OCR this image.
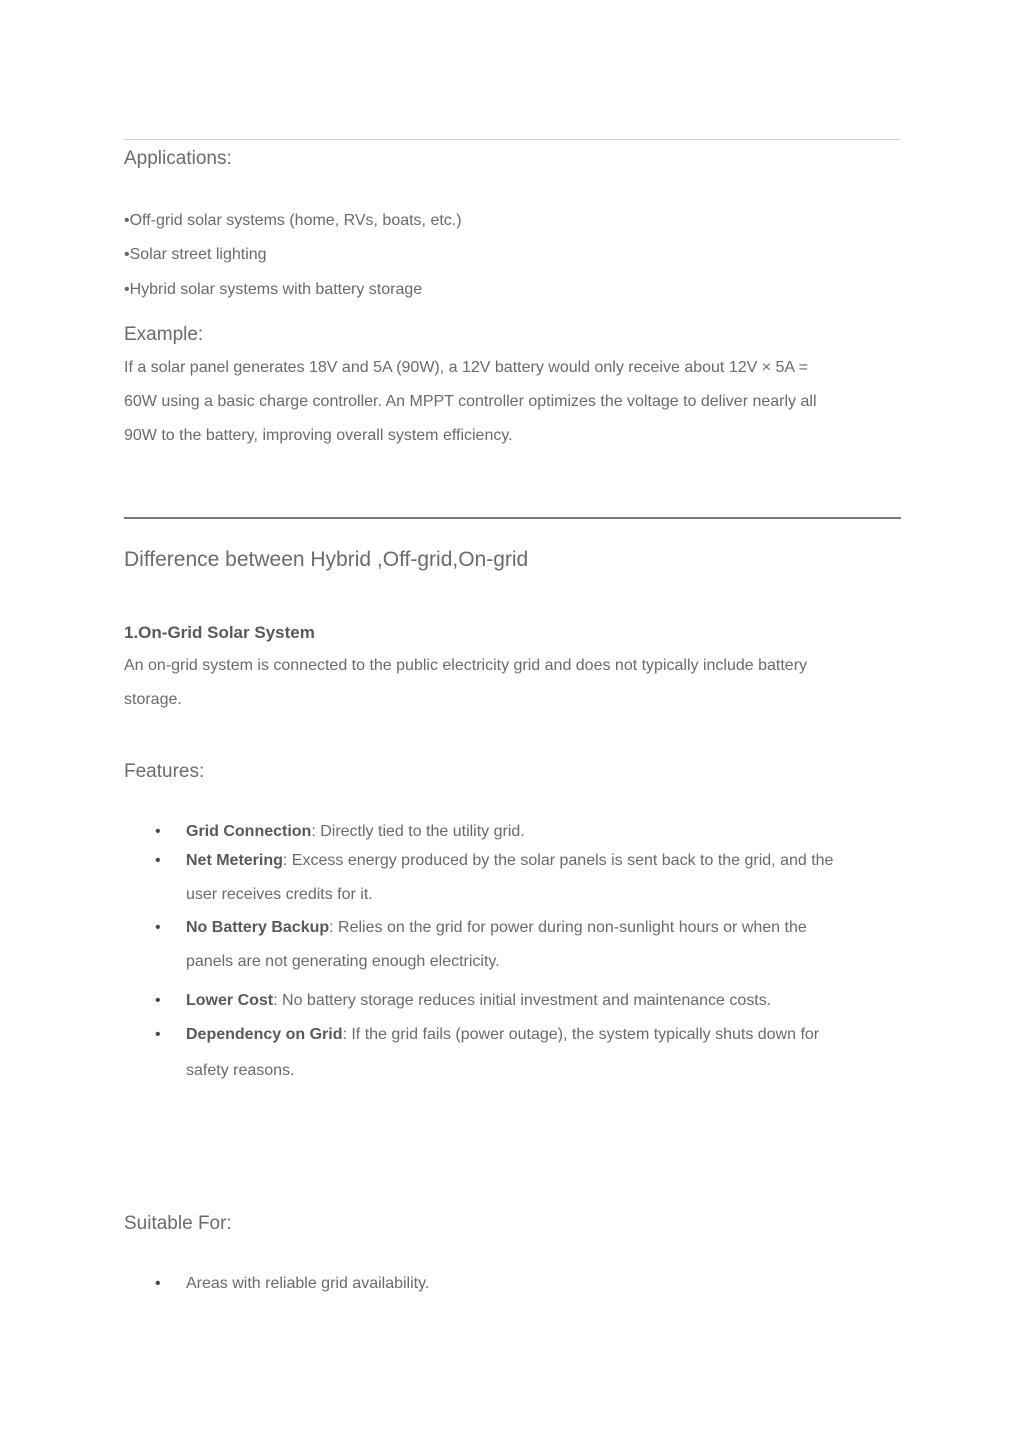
Applications:
•Off-grid solar systems (home, RVs, boats, etc.)
•Solar street lighting
•Hybrid solar systems with battery storage
Example:
If a solar panel generates 18V and 5A (90W), a 12V battery would only receive about 12V × 5A =
60W using a basic charge controller. An MPPT controller optimizes the voltage to deliver nearly all
90W to the battery, improving overall system efficiency.
Difference between Hybrid ,Off-grid,On-grid
1.On-Grid Solar System
An on-grid system is connected to the public electricity grid and does not typically include battery
storage.
Features:
• Grid Connection: Directly tied to the utility grid.
• Net Metering: Excess energy produced by the solar panels is sent back to the grid, and the
user receives credits for it.
• No Battery Backup: Relies on the grid for power during non-sunlight hours or when the
panels are not generating enough electricity.
• Lower Cost: No battery storage reduces initial investment and maintenance costs.
• Dependency on Grid: If the grid fails (power outage), the system typically shuts down for
safety reasons.
Suitable For:
• Areas with reliable grid availability.
